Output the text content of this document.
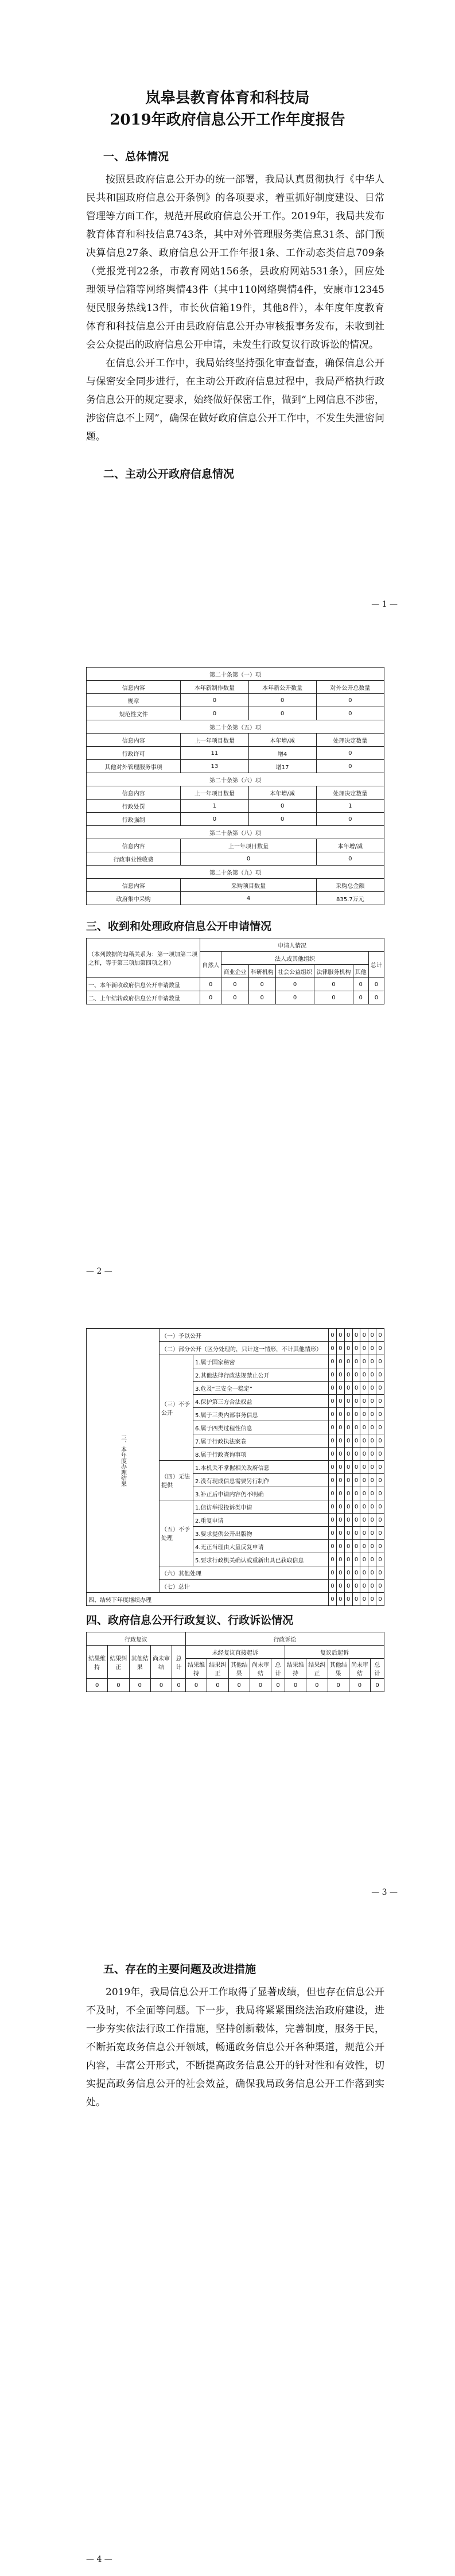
岚皋县教育体育和科技局
2019年政府信息公开工作年度报告
一、总体情况

按照县政府信息公开办的统一部署，我局认真贯彻执行《中华人民共和国政府信息公开条例》的各项要求，着重抓好制度建设、日常管理等方面工作，规范开展政府信息公开工作。2019年，我局共发布教育体育和科技信息743条，其中对外管理服务类信息31条、部门预决算信息27条、政府信息公开工作年报1条、工作动态类信息709条（党报党刊22条，市教育网站156条，县政府网站531条），回应处理领导信箱等网络舆情43件（其中110网络舆情4件，安康市12345便民服务热线13件，市长伙信箱19件，其他8件），本年度年度教育体育和科技信息公开由县政府信息公开办审核报事务发布，未收到社会公众提出的政府信息公开申请，未发生行政复议行政诉讼的情况。

在信息公开工作中，我局始终坚持强化审查督查，确保信息公开与保密安全同步进行，在主动公开政府信息过程中，我局严格执行政务信息公开的规定要求，始终做好保密工作，做到“上网信息不涉密，涉密信息不上网”，确保在做好政府信息公开工作中，不发生失泄密问题。

二、主动公开政府信息情况
— 1 —
第二十条第（一）项			
信息内容	本年新制作数量	本年新公开数量	对外公开总数量
规章	0	0	0
规范性文件	0	0	0
第二十条第（五）项			
信息内容	上一年项目数量	本年增/减	处理决定数量
行政许可	11	增4	0
其他对外管理服务事项	13	增17	0
第二十条第（六）项			
信息内容	上一年项目数量	本年增/减	处理决定数量
行政处罚	1	0	1
行政强制	0	0	0
第二十条第（八）项			
信息内容	上一年项目数量		本年增/减
行政事业性收费	0		0
第二十条第（九）项			
信息内容	采购项目数量		采购总金额
政府集中采购	4		835.7万元
三、收到和处理政府信息公开申请情况
（本列数据的勾稽关系为：第一项加第二项之和，等于第三项加第四项之和）	申请人情况						
	自然人	法人或其他组织					总计
		商业企业	科研机构	社会公益组织	法律服务机构	其他	
一、本年新收政府信息公开申请数量	0	0	0	0	0	0	0
二、上年结转政府信息公开申请数量	0	0	0	0	0	0	0
— 2 —
三、本年度办理结果	（一）予以公开		0	0	0	0	0	0	0
	（二）部分公开（区分处理的，只计这一情形，不计其他情形）		0	0	0	0	0	0	0
	（三）不予公开	1.属于国家秘密	0	0	0	0	0	0	0
		2.其他法律行政法规禁止公开	0	0	0	0	0	0	0
		3.危及“三安全一稳定”	0	0	0	0	0	0	0
		4.保护第三方合法权益	0	0	0	0	0	0	0
		5.属于三类内部事务信息	0	0	0	0	0	0	0
		6.属于四类过程性信息	0	0	0	0	0	0	0
		7.属于行政执法案卷	0	0	0	0	0	0	0
		8.属于行政查询事项	0	0	0	0	0	0	0
	（四）无法提供	1.本机关不掌握相关政府信息	0	0	0	0	0	0	0
		2.没有现成信息需要另行制作	0	0	0	0	0	0	0
		3.补正后申请内容仍不明确	0	0	0	0	0	0	0
	（五）不予处理	1.信访举报投诉类申请	0	0	0	0	0	0	0
		2.重复申请	0	0	0	0	0	0	0
		3.要求提供公开出版物	0	0	0	0	0	0	0
		4.无正当理由大量反复申请	0	0	0	0	0	0	0
		5.要求行政机关确认或重新出具已获取信息	0	0	0	0	0	0	0
	（六）其他处理		0	0	0	0	0	0	0
	（七）总计		0	0	0	0	0	0	0
四、结转下年度继续办理			0	0	0	0	0	0	0
四、政府信息公开行政复议、行政诉讼情况
行政复议					行政诉讼									
结果维持	结果纠正	其他结果	尚未审结	总计	未经复议直接起诉					复议后起诉				
					结果维持	结果纠正	其他结果	尚未审结	总计	结果维持	结果纠正	其他结果	尚未审结	总计
0	0	0	0	0	0	0	0	0	0	0	0	0	0	0
— 3 —
五、存在的主要问题及改进措施

2019年，我局信息公开工作取得了显著成绩，但也存在信息公开不及时，不全面等问题。下一步，我局将紧紧围绕法治政府建设，进一步夯实依法行政工作措施，坚持创新载体，完善制度，服务于民，不断拓宽政务信息公开领域，畅通政务信息公开各种渠道，规范公开内容，丰富公开形式，不断提高政务信息公开的针对性和有效性，切实提高政务信息公开的社会效益，确保我局政务信息公开工作落到实处。

— 4 —
